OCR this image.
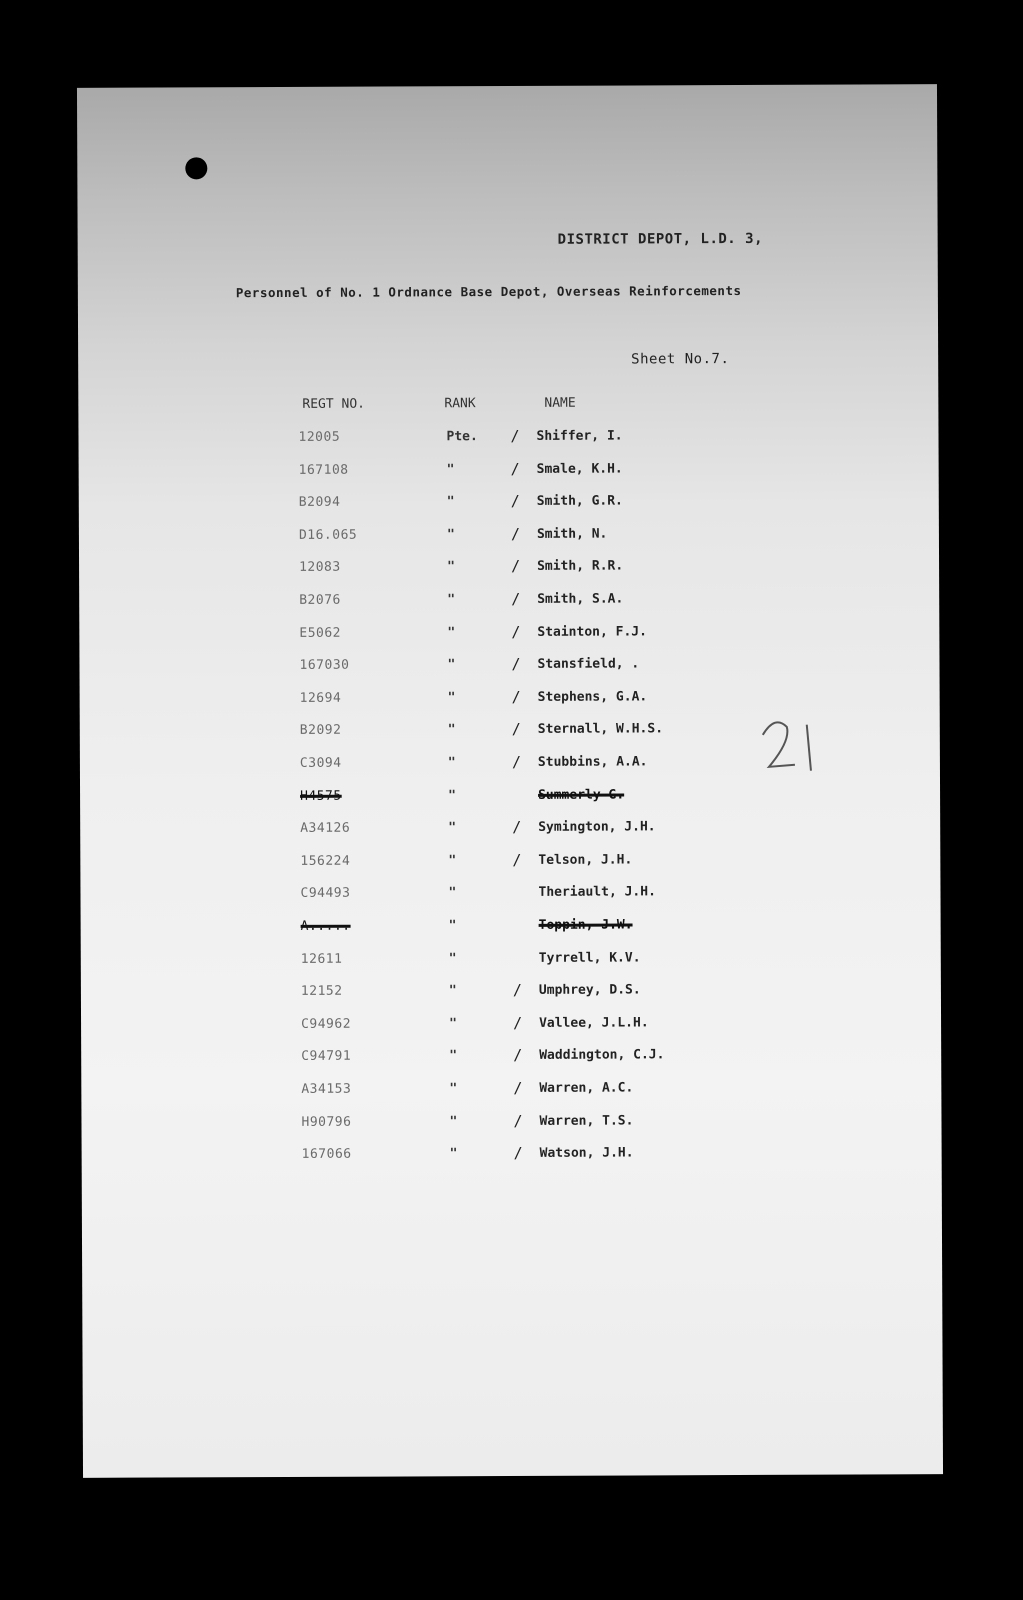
DISTRICT DEPOT, L.D. 3,
Personnel of No. 1 Ordnance Base Depot, Overseas Reinforcements
Sheet No.7.
REGT NO.	RANK	NAME
12005	Pte. / Shiffer, I.
167108	"	/ Smale, K.H.
B2094	"	/ Smith, G.R.
D16.065	"	/ Smith, N.
12083	"	/ Smith, R.R.
B2076	"	/ Smith, S.A.
E5062	"	/ Stainton, F.J.
167030	"	/ Stansfield, .
12694	"	/ Stephens, G.A.
B2092	"	/ Sternall, W.H.S.
C3094	"	/ Stubbins, A.A.
H4575	"	Summerly G.
A34126	"	/ Symington, J.H.
156224	"	/ Telson, J.H.
C94493	"	Theriault, J.H.
A.....	"	Toppin, J.W.
12611	"	Tyrrell, K.V.
12152	"	/ Umphrey, D.S.
C94962	"	/ Vallee, J.L.H.
C94791	"	/ Waddington, C.J.
A34153	"	/ Warren, A.C.
H90796	"	/ Warren, T.S.
167066	"	/ Watson, J.H.
